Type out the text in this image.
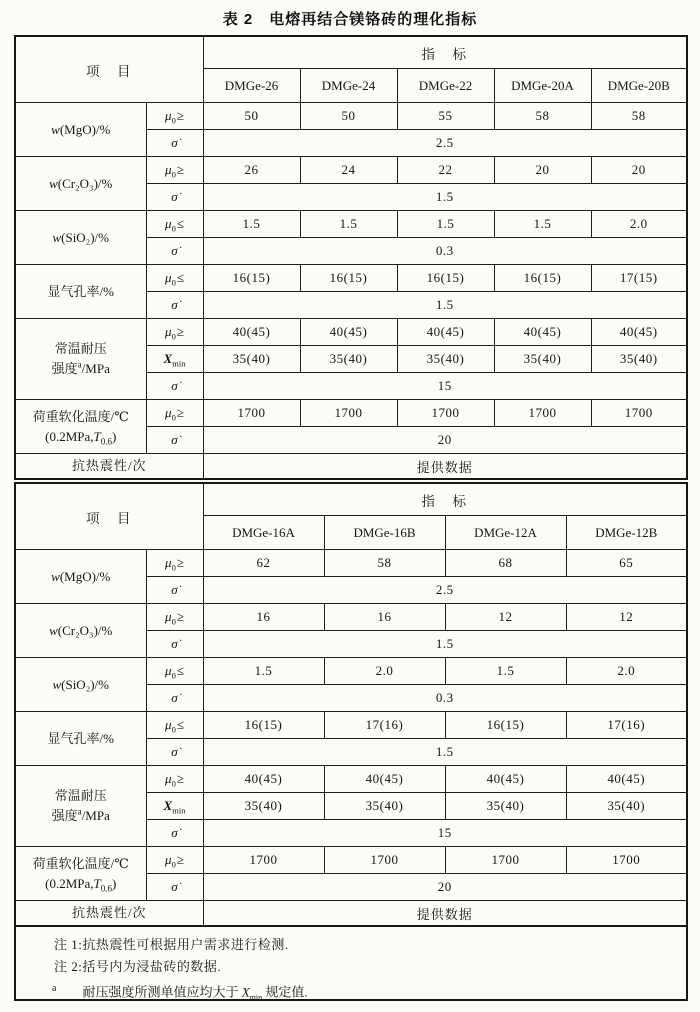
表 2　电熔再结合镁铬砖的理化指标
项　目		指　标				
		DMGe-26	DMGe-24	DMGe-22	DMGe-20A	DMGe-20B

w(MgO)/%	$\mu_0\ge$	50	50	55	58	58
	σ̇	2.5				

w(Cr₂O₃)/%	$\mu_0\ge$	26	24	22	20	20
	σ̇	1.5				

w(SiO₂)/%	$\mu_0\le$	1.5	1.5	1.5	1.5	2.0
	σ̇	0.3				

显气孔率/%	$\mu_0\le$	16(15)	16(15)	16(15)	16(15)	17(15)
	σ̇	1.5				

常温耐压
强度$^a$/MPa	$\mu_0\ge$	40(45)	40(45)	40(45)	40(45)	40(45)
	$X_{min}$	35(40)	35(40)	35(40)	35(40)	35(40)
	σ̇	15				

荷重软化温度/℃
$(0.2MPa,T_{0.6})$	$\mu_0\ge$	1700	1700	1700	1700	1700
	σ̇	20				
抗热震性/次		提供数据				
项　目		指　标			
		DMGe-16A	DMGe-16B	DMGe-12A	DMGe-12B

w(MgO)/%	$\mu_0\ge$	62	58	68	65
	σ̇	2.5			

w(Cr₂O₃)/%	$\mu_0\ge$	16	16	12	12
	σ̇	1.5			

w(SiO₂)/%	$\mu_0\le$	1.5	2.0	1.5	2.0
	σ̇	0.3			

显气孔率/%	$\mu_0\le$	16(15)	17(16)	16(15)	17(16)
	σ̇	1.5			

常温耐压
强度$^a$/MPa	$\mu_0\ge$	40(45)	40(45)	40(45)	40(45)
	$X_{min}$	35(40)	35(40)	35(40)	35(40)
	σ̇	15			

荷重软化温度/℃
$(0.2MPa,T_{0.6})$	$\mu_0\ge$	1700	1700	1700	1700
	σ̇	20			
抗热震性/次		提供数据			
注 1:抗热震性可根据用户需求进行检测.
注 2:括号内为浸盐砖的数据.
$^a$ 耐压强度所测单值应均大于 $X_{min}$ 规定值.
